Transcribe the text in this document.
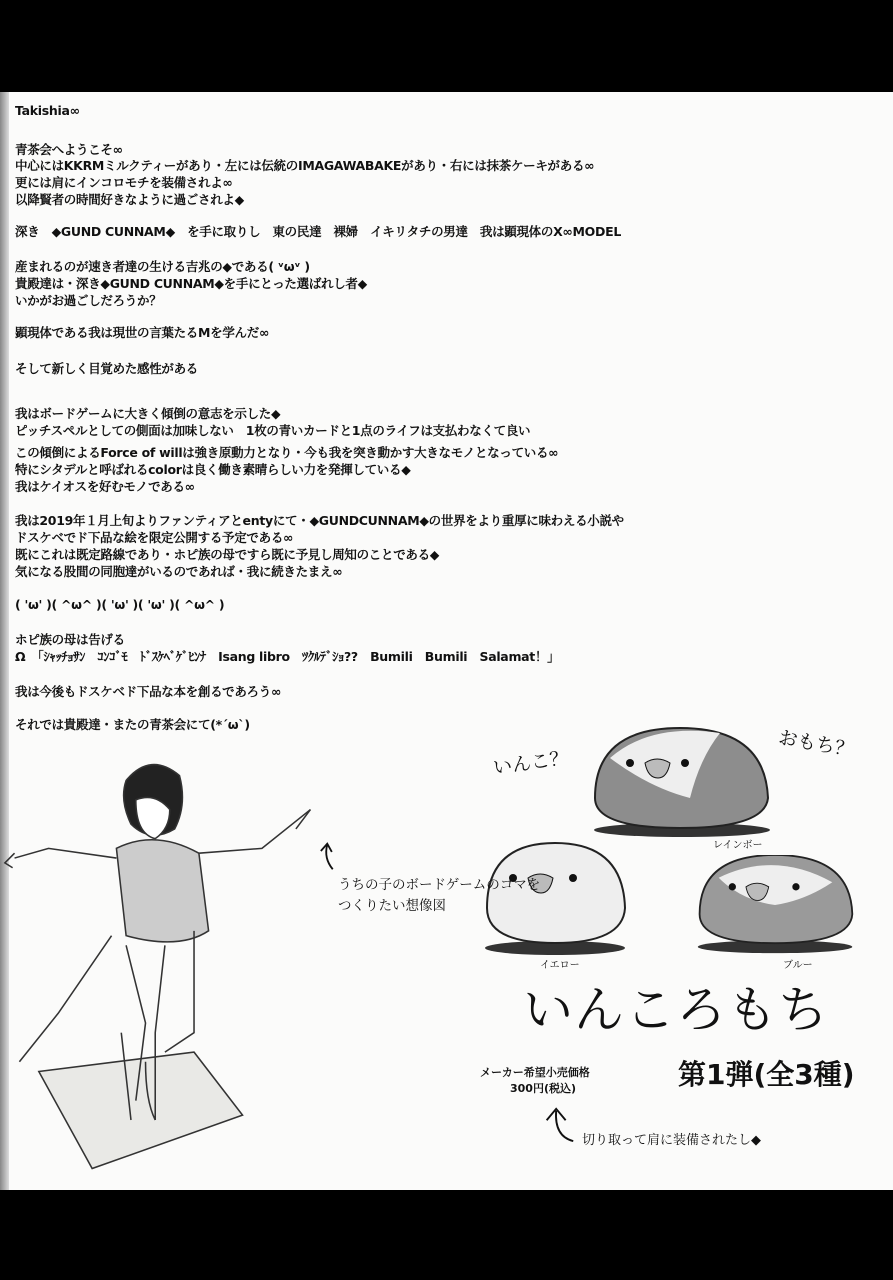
Takishia∞
青茶会へようこそ∞
中心にはKKRMミルクティーがあり・左には伝統のIMAGAWABAKEがあり・右には抹茶ケーキがある∞
更には肩にインコロモチを装備されよ∞
以降賢者の時間好きなように過ごされよ◆
深き　◆GUND CUNNAM◆　を手に取りし　東の民達　裸婦　イキリタチの男達　我は顕現体のX∞MODEL
産まれるのが速き者達の生ける吉兆の◆である( ᵛωᵛ )
貴殿達は・深き◆GUND CUNNAM◆を手にとった選ばれし者◆
いかがお過ごしだろうか？
顕現体である我は現世の言葉たるMを学んだ∞
そして新しく目覚めた感性がある
我はボードゲームに大きく傾倒の意志を示した◆
ピッチスペルとしての側面は加味しない　1枚の青いカードと1点のライフは支払わなくて良い
この傾倒によるForce of willは強き原動力となり・今も我を突き動かす大きなモノとなっている∞
特にシタデルと呼ばれるcolorは良く働き素晴らしい力を発揮している◆
我はケイオスを好むモノである∞
我は2019年１月上旬よりファンティアとentyにて・◆GUNDCUNNAM◆の世界をより重厚に味わえる小説や
ドスケベでド下品な絵を限定公開する予定である∞
既にこれは既定路線であり・ホピ族の母ですら既に予見し周知のことである◆
気になる股間の同胞達がいるのであれば・我に続きたまえ∞
( 'ω' )( ^ω^ )( 'ω' )( 'ω' )( ^ω^ )
ホピ族の母は告げる
Ω　「ｼｬｯﾁｮｻﾝ　ｺﾝｺﾞﾓ　ﾄﾞｽｹﾍﾞｹﾞﾋﾝﾅ　Isang libro　ﾂｸﾙﾃﾞｼｮ??　Bumili　Bumili　Salamat！」
我は今後もドスケベド下品な本を創るであろう∞
それでは貴殿達・またの青茶会にて(*´ω`)
うちの子のボードゲームのコマを
つくりたい想像図
いんこ？
おもち？
レインボー
イエロー	ブルー
いんころもち
メーカー希望小売価格
300円(税込)	第1弾(全3種)
切り取って肩に装備されたし◆
